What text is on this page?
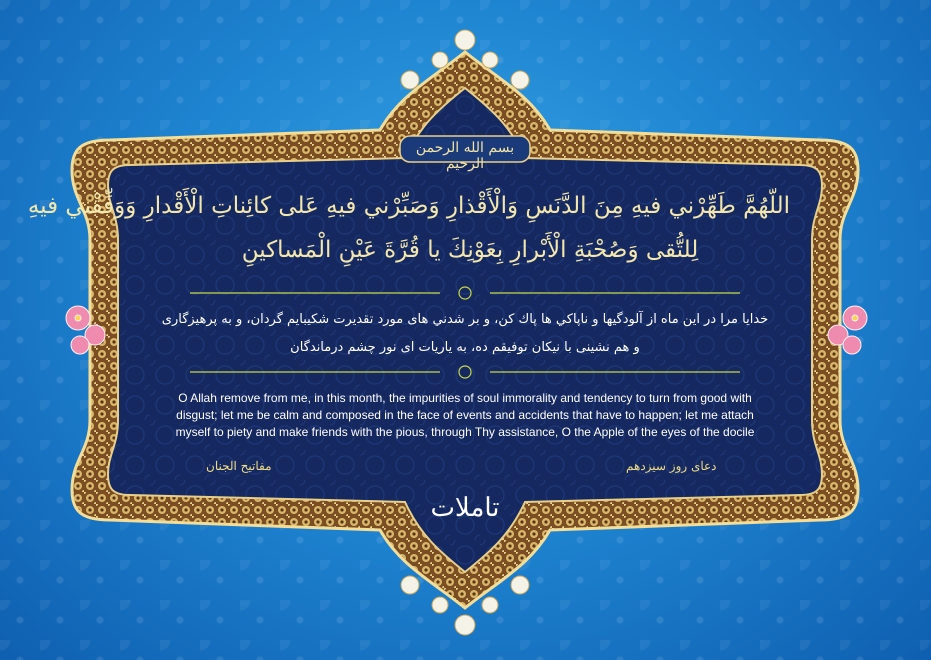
بسم الله الرحمن الرحيم
اللّهُمَّ طَهِّرْني فيهِ مِنَ الدَّنَسِ وَالْأَقْذارِ وَصَبِّرْني فيهِ عَلى كائِناتِ الْأَقْدارِ وَوَفِّقْني فيهِ
لِلتُّقى وَصُحْبَةِ الْأَبْرارِ بِعَوْنِكَ يا قُرَّةَ عَيْنِ الْمَساكينِ
خدايا مرا در اين ماه از آلودگيها و ناپاكي ها پاك كن، و بر شدني هاى مورد تقديرت شكيبايم گردان، و به پرهيزگارى
و هم نشينى با نيكان توفيقم ده، به ياريات اى نور چشم درماندگان
O Allah remove from me, in this month, the impurities of soul immorality and tendency to turn from good with
disgust; let me be calm and composed in the face of events and accidents that have to happen; let me attach
myself to piety and make friends with the pious, through Thy assistance, O the Apple of the eyes of the docile
مفاتيح الجنان	دعای روز سیزدهم
تاملات
